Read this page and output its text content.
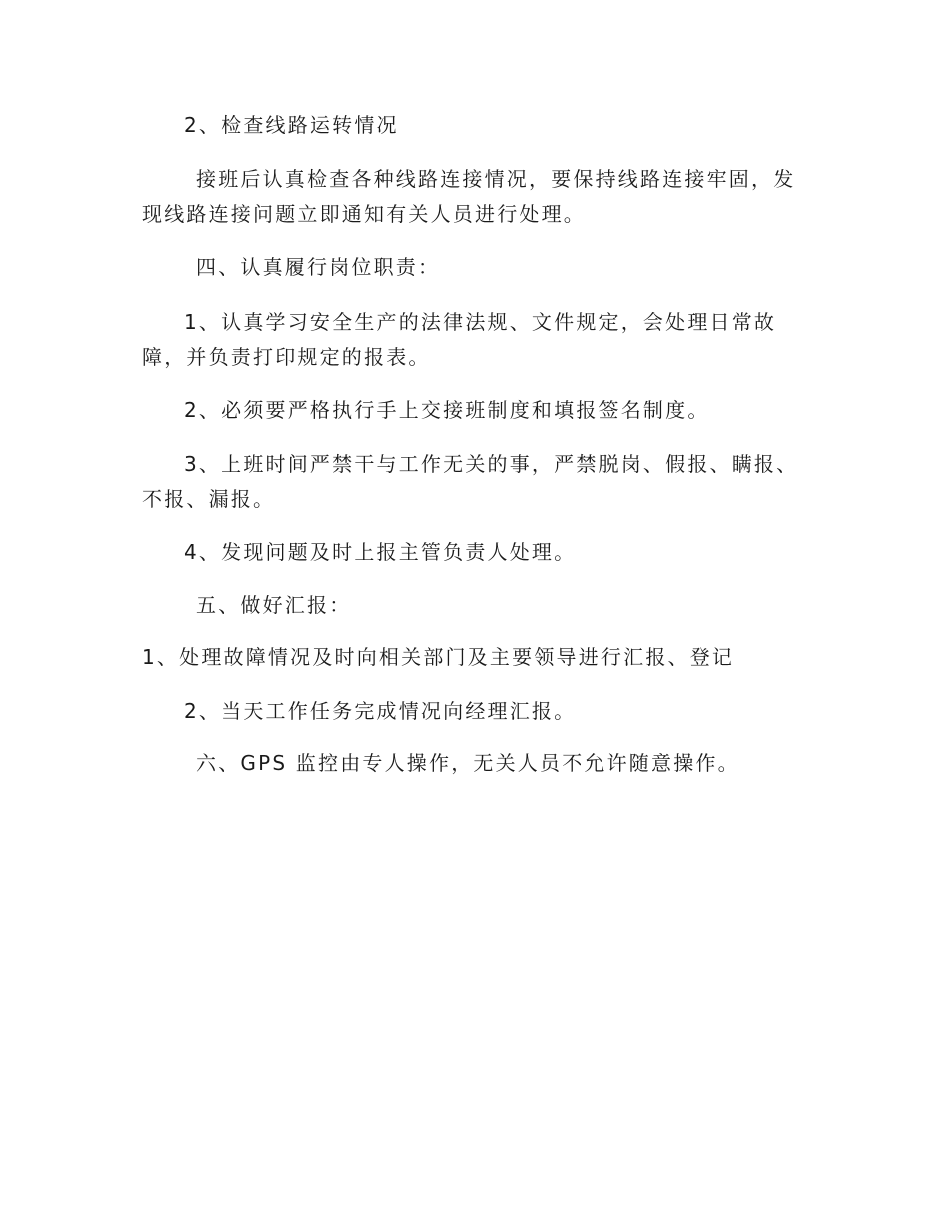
2、检查线路运转情况

接班后认真检查各种线路连接情况，要保持线路连接牢固，发现线路连接问题立即通知有关人员进行处理。

四、认真履行岗位职责：

1、认真学习安全生产的法律法规、文件规定，会处理日常故障，并负责打印规定的报表。

2、必须要严格执行手上交接班制度和填报签名制度。

3、上班时间严禁干与工作无关的事，严禁脱岗、假报、瞒报、不报、漏报。

4、发现问题及时上报主管负责人处理。

五、做好汇报：

1、处理故障情况及时向相关部门及主要领导进行汇报、登记

2、当天工作任务完成情况向经理汇报。

六、GPS 监控由专人操作，无关人员不允许随意操作。
